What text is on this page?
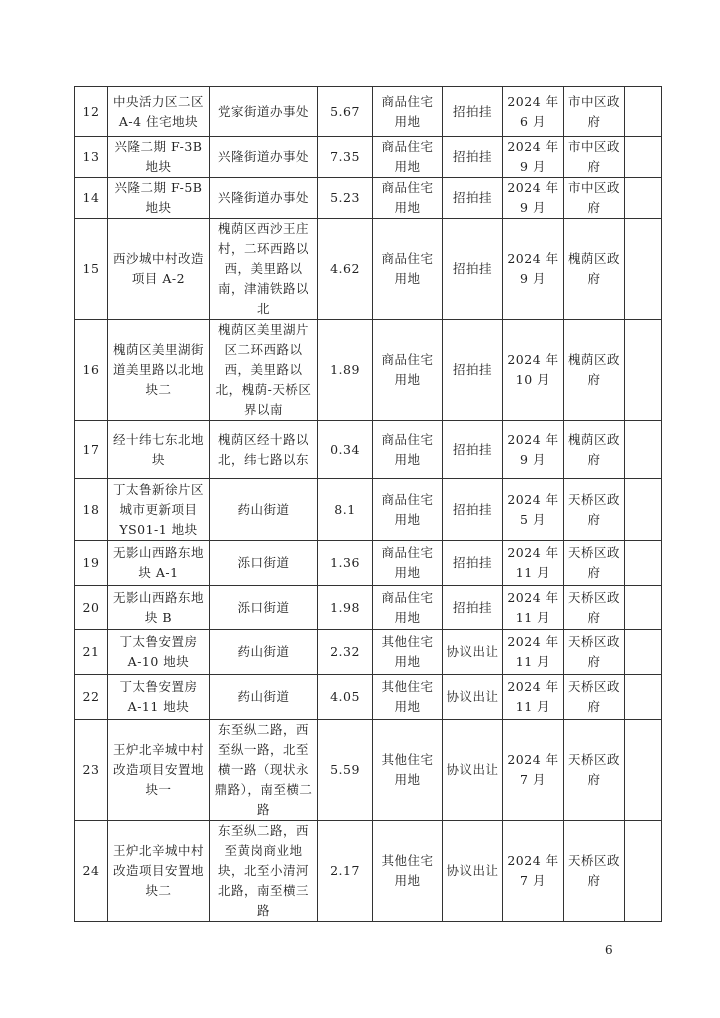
12	中央活力区二区 A-4 住宅地块	党家街道办事处	5.67	商品住宅用地	招拍挂	2024 年 6 月	市中区政府	
13	兴隆二期 F-3B 地块	兴隆街道办事处	7.35	商品住宅用地	招拍挂	2024 年 9 月	市中区政府	
14	兴隆二期 F-5B 地块	兴隆街道办事处	5.23	商品住宅用地	招拍挂	2024 年 9 月	市中区政府	
15	西沙城中村改造项目 A-2	槐荫区西沙王庄村，二环西路以西，美里路以南，津浦铁路以北	4.62	商品住宅用地	招拍挂	2024 年 9 月	槐荫区政府	
16	槐荫区美里湖街道美里路以北地块二	槐荫区美里湖片区二环西路以西，美里路以北，槐荫-天桥区界以南	1.89	商品住宅用地	招拍挂	2024 年 10 月	槐荫区政府	
17	经十纬七东北地块	槐荫区经十路以北，纬七路以东	0.34	商品住宅用地	招拍挂	2024 年 9 月	槐荫区政府	
18	丁太鲁新徐片区城市更新项目 YS01-1 地块	药山街道	8.1	商品住宅用地	招拍挂	2024 年 5 月	天桥区政府	
19	无影山西路东地块 A-1	泺口街道	1.36	商品住宅用地	招拍挂	2024 年 11 月	天桥区政府	
20	无影山西路东地块 B	泺口街道	1.98	商品住宅用地	招拍挂	2024 年 11 月	天桥区政府	
21	丁太鲁安置房 A-10 地块	药山街道	2.32	其他住宅用地	协议出让	2024 年 11 月	天桥区政府	
22	丁太鲁安置房 A-11 地块	药山街道	4.05	其他住宅用地	协议出让	2024 年 11 月	天桥区政府	
23	王炉北辛城中村改造项目安置地块一	东至纵二路，西至纵一路，北至横一路（现状永鼎路），南至横二路	5.59	其他住宅用地	协议出让	2024 年 7 月	天桥区政府	
24	王炉北辛城中村改造项目安置地块二	东至纵二路，西至黄岗商业地块，北至小清河北路，南至横三路	2.17	其他住宅用地	协议出让	2024 年 7 月	天桥区政府	
6
